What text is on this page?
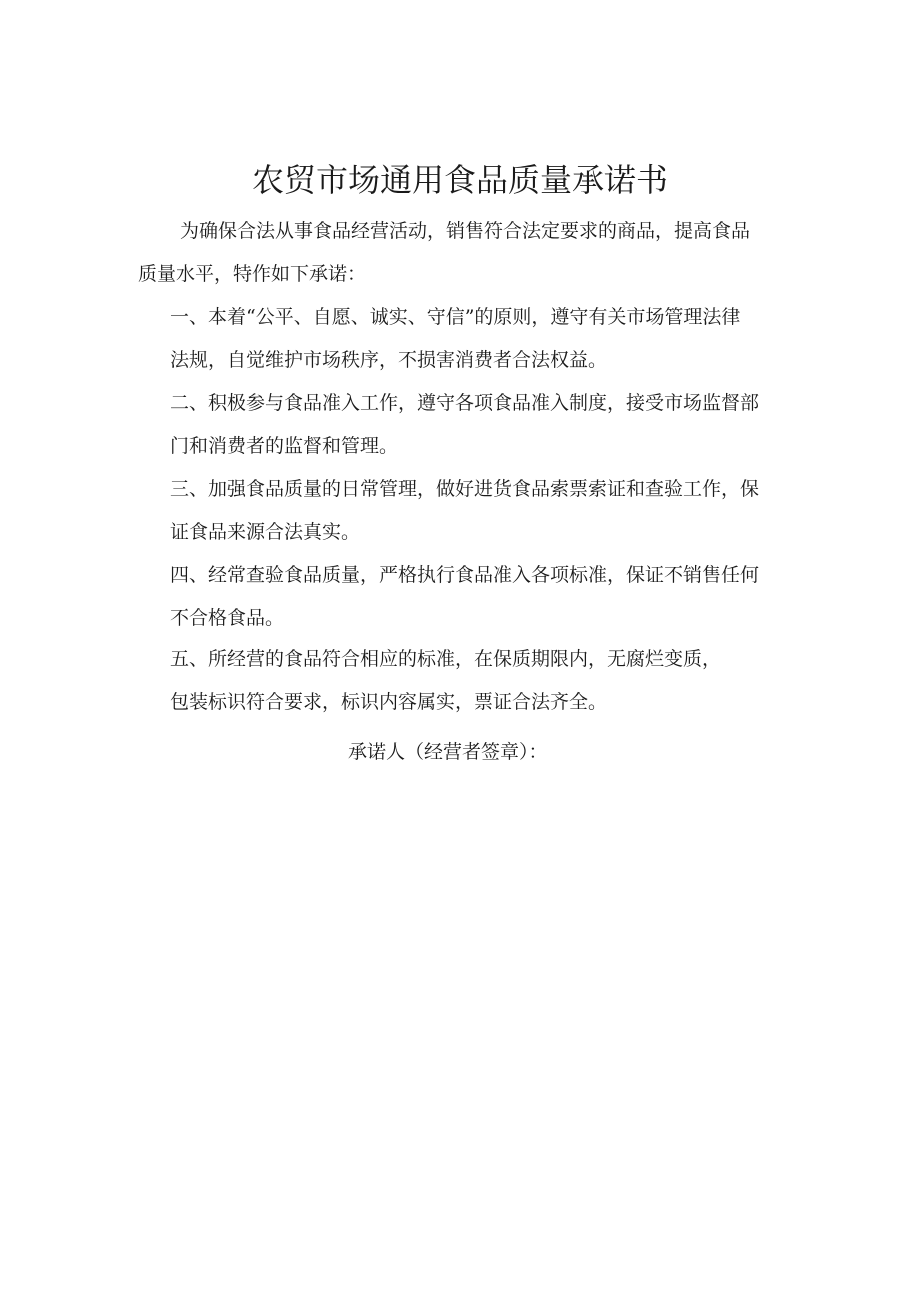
农贸市场通用食品质量承诺书

为确保合法从事食品经营活动，销售符合法定要求的商品，提高食品
质量水平，特作如下承诺：

一、本着“公平、自愿、诚实、守信”的原则，遵守有关市场管理法律
法规，自觉维护市场秩序，不损害消费者合法权益。

二、积极参与食品准入工作，遵守各项食品准入制度，接受市场监督部
门和消费者的监督和管理。

三、加强食品质量的日常管理，做好进货食品索票索证和查验工作，保
证食品来源合法真实。

四、经常查验食品质量，严格执行食品准入各项标准，保证不销售任何
不合格食品。

五、所经营的食品符合相应的标准，在保质期限内，无腐烂变质，
包装标识符合要求，标识内容属实，票证合法齐全。

承诺人（经营者签章）：
